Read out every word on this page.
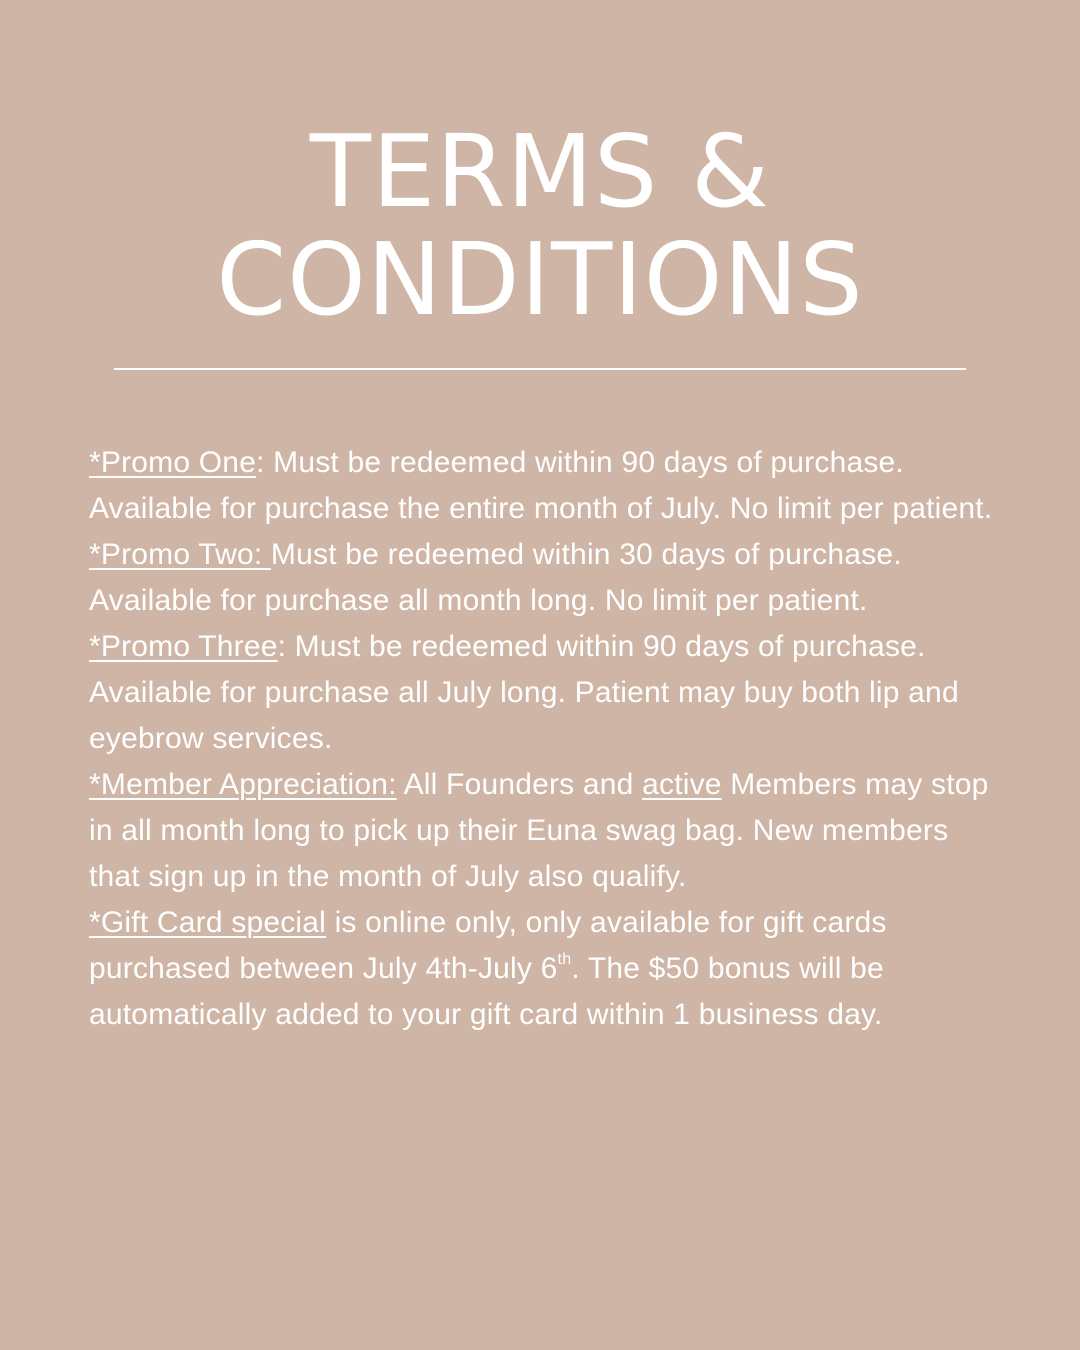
TERMS &
CONDITIONS

*Promo One: Must be redeemed within 90 days of purchase. Available for purchase the entire month of July. No limit per patient.

*Promo Two: Must be redeemed within 30 days of purchase. Available for purchase all month long. No limit per patient.

*Promo Three: Must be redeemed within 90 days of purchase. Available for purchase all July long. Patient may buy both lip and eyebrow services.

*Member Appreciation: All Founders and active Members may stop in all month long to pick up their Euna swag bag. New members that sign up in the month of July also qualify.

*Gift Card special is online only, only available for gift cards purchased between July 4th-July 6th. The $50 bonus will be automatically added to your gift card within 1 business day.
